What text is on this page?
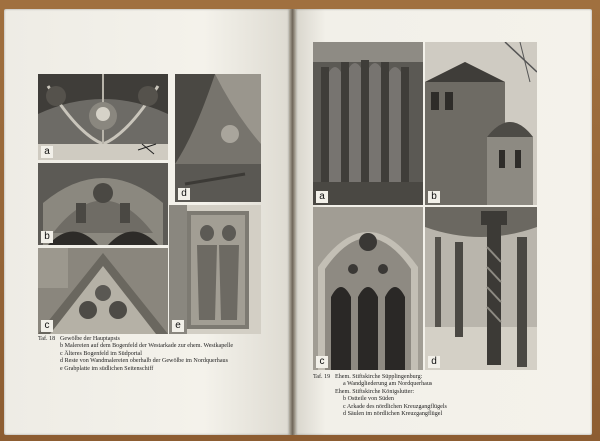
a
d
b
c	e
Taf. 18 Gewölbe der Hauptapsis
b Malereien auf dem Bogenfeld der Westarkade zur ehem. Westkapelle
c Älteres Bogenfeld im Südportal
d Reste von Wandmalereien oberhalb der Gewölbe im Nordquerhaus
e Grabplatte im südlichen Seitenschiff
a	b
c	d
Taf. 19 Ehem. Stiftskirche Süpplingenburg:
a Wandgliederung am Nordquerhaus
Ehem. Stiftskirche Königslutter:
b Ostteile von Süden
c Arkade des nördlichen Kreuzgangflügels
d Säulen im nördlichen Kreuzgangflügel
